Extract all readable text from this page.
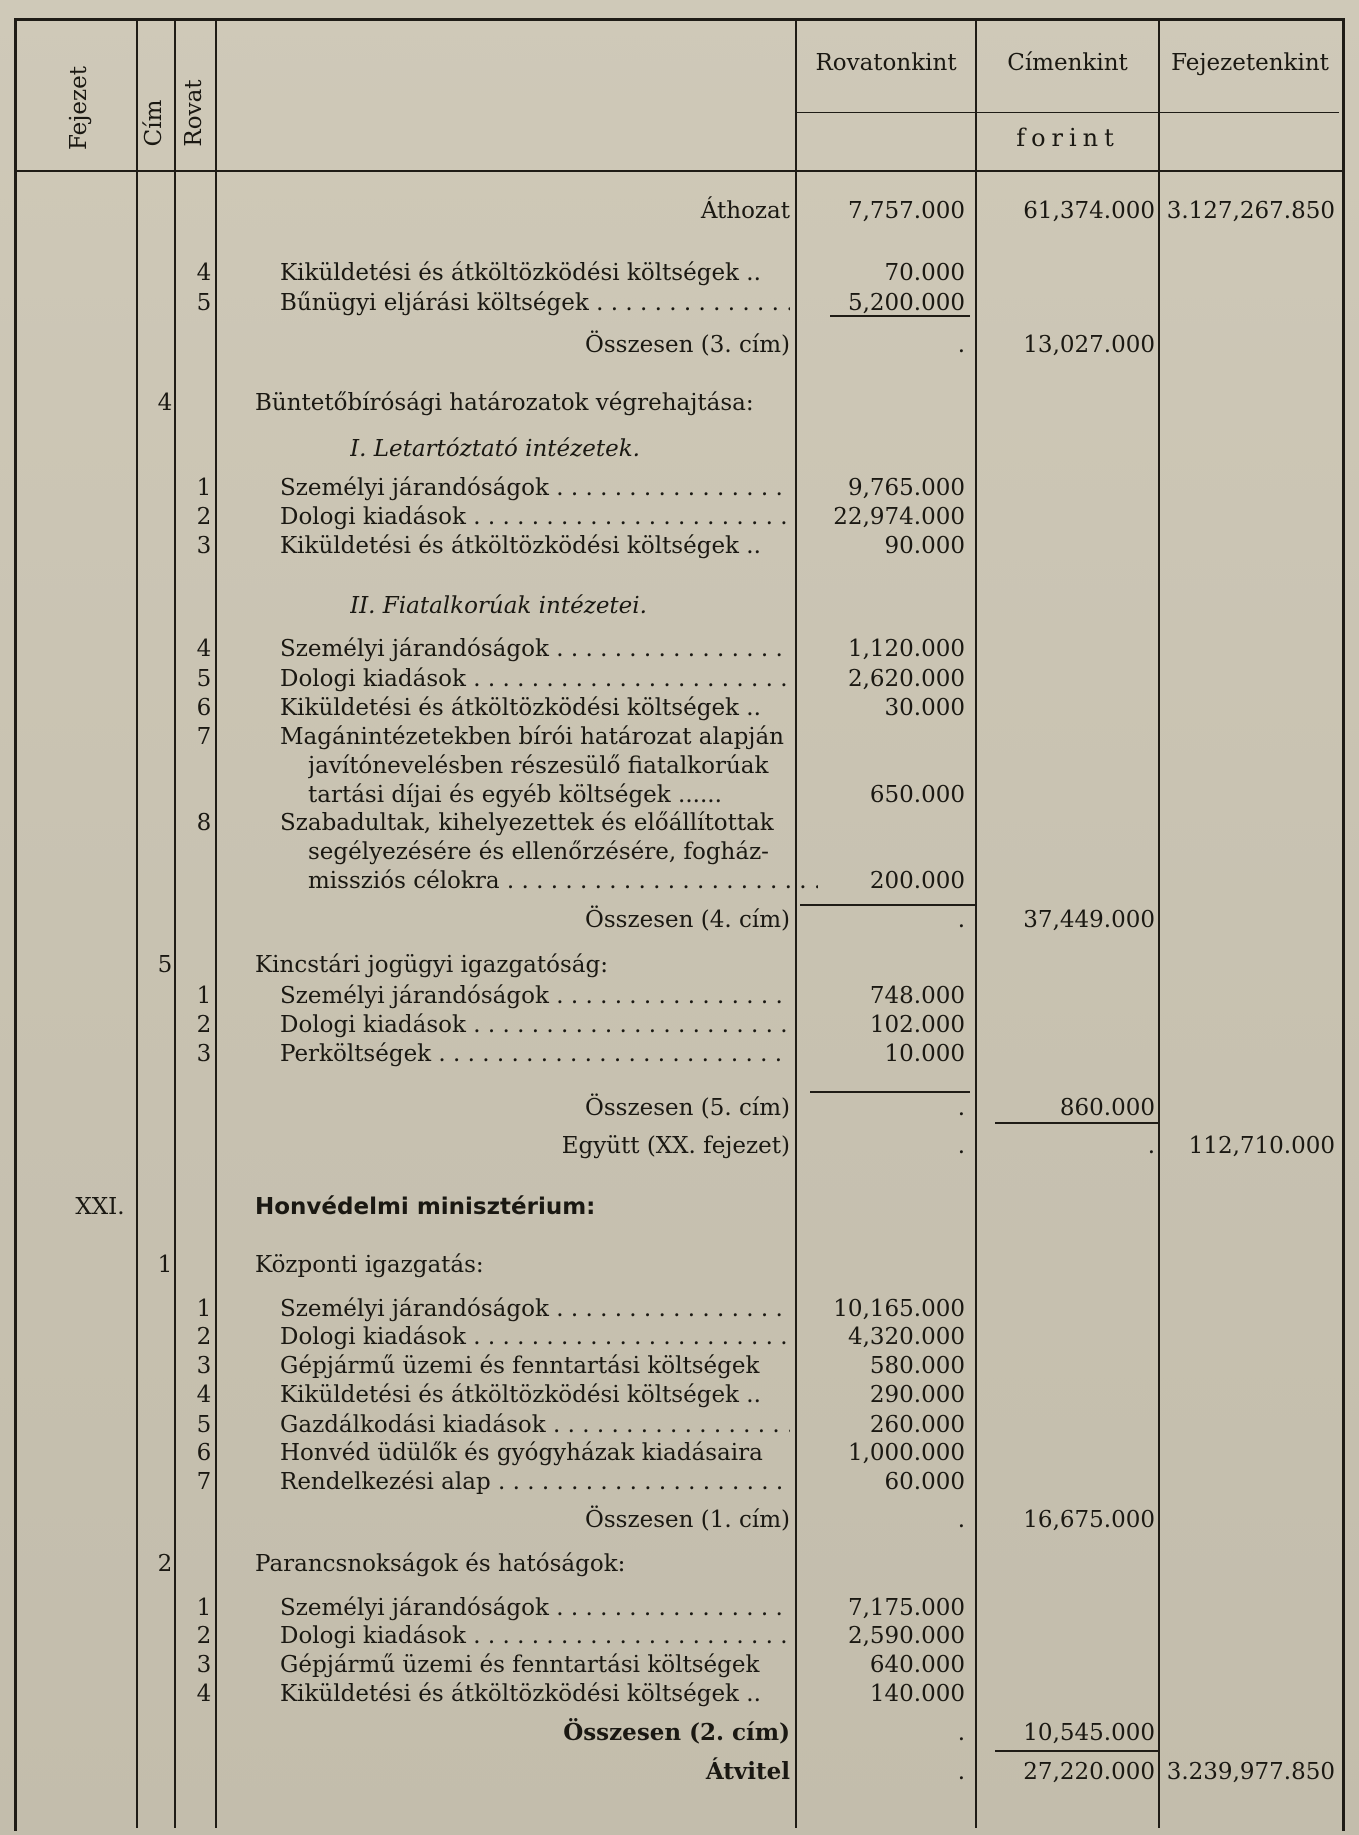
Fejezet Cím Rovat
Rovatonkint	Címenkint	Fejezetenkint
forint
Áthozat	7,757.000	61,374.000 3.127,267.850
4	Kiküldetési és átköltözködési költségek ..	70.000
5	Bűnügyi eljárási költségek . . .	5,200.000
Összesen (3. cím)	.	13,027.000
4	Büntetőbírósági határozatok végrehajtása:
I. Letartóztató intézetek.
1	Személyi járandóságok . . .	9,765.000
2	Dologi kiadások . . .	22,974.000
3	Kiküldetési és átköltözködési költségek ..	90.000
II. Fiatalkorúak intézetei.
4	Személyi járandóságok . . .	1,120.000
5	Dologi kiadások . . .	2,620.000
6	Kiküldetési és átköltözködési költségek ..	30.000
7	Magánintézetekben bírói határozat alapján
javítónevelésben részesülő fiatalkorúak
tartási díjai és egyéb költségek ......	650.000
8	Szabadultak, kihelyezettek és előállítottak
segélyezésére és ellenőrzésére, fogház-
missziós célokra . . .	200.000
Összesen (4. cím)	.	37,449.000
5	Kincstári jogügyi igazgatóság:
1	Személyi járandóságok . . .	748.000
2	Dologi kiadások . . .	102.000
3	Perköltségek . . .	10.000
Összesen (5. cím)	.	860.000
Együtt (XX. fejezet)	.	.	112,710.000
XXI.	Honvédelmi minisztérium:
1	Központi igazgatás:
1	Személyi járandóságok . . .	10,165.000
2	Dologi kiadások . . .	4,320.000
3	Gépjármű üzemi és fenntartási költségek	580.000
4	Kiküldetési és átköltözködési költségek ..	290.000
5	Gazdálkodási kiadások . . .	260.000
6	Honvéd üdülők és gyógyházak kiadásaira	1,000.000
7	Rendelkezési alap . . .	60.000
Összesen (1. cím)	.	16,675.000
2	Parancsnokságok és hatóságok:
1	Személyi járandóságok . . .	7,175.000
2	Dologi kiadások . . .	2,590.000
3	Gépjármű üzemi és fenntartási költségek	640.000
4	Kiküldetési és átköltözködési költségek ..	140.000
Összesen (2. cím)	.	10,545.000
Átvitel	.	27,220.000 3.239,977.850
